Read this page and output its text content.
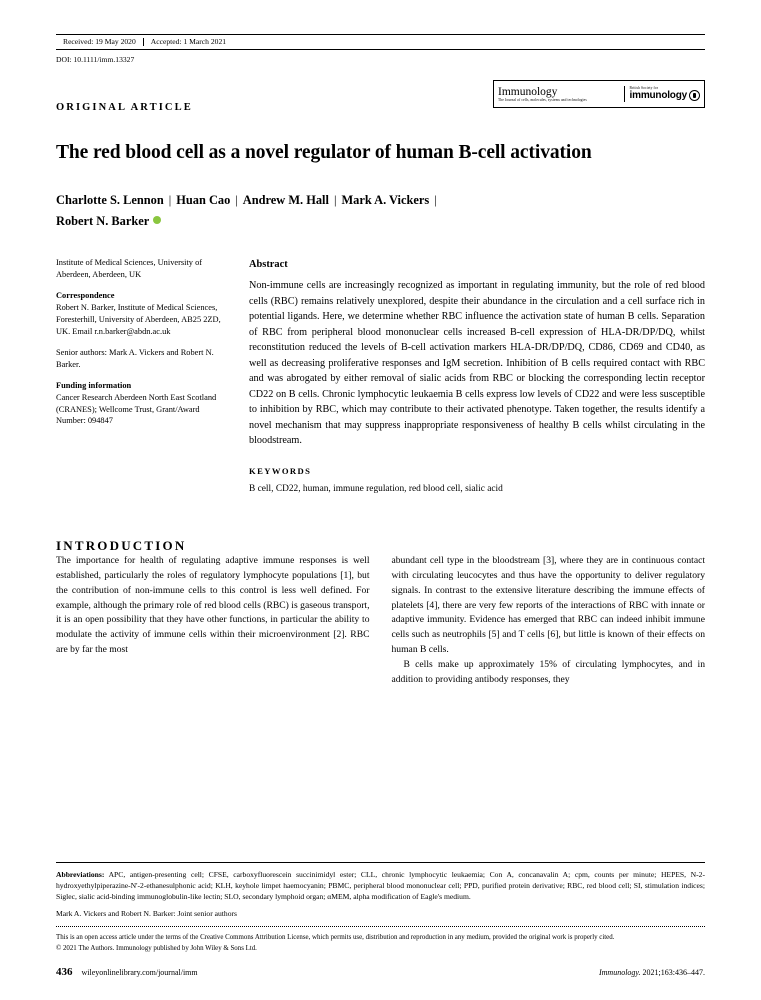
Received: 19 May 2020	Accepted: 1 March 2021
DOI: 10.1111/imm.13327
ORIGINAL ARTICLE
Immunology
The Journal of cells, molecules, systems and technologies
British Society for
immunology
The red blood cell as a novel regulator of human B-cell activation
Charlotte S. Lennon | Huan Cao | Andrew M. Hall | Mark A. Vickers |
Robert N. Barker

Institute of Medical Sciences, University of Aberdeen, Aberdeen, UK

Correspondence
Robert N. Barker, Institute of Medical Sciences, Foresterhill, University of Aberdeen, AB25 2ZD, UK. Email r.n.barker@abdn.ac.uk

Senior authors: Mark A. Vickers and Robert N. Barker.

Funding information
Cancer Research Aberdeen North East Scotland (CRANES); Wellcome Trust, Grant/Award Number: 094847

Abstract
Non-immune cells are increasingly recognized as important in regulating immunity, but the role of red blood cells (RBC) remains relatively unexplored, despite their abundance in the circulation and a cell surface rich in potential ligands. Here, we determine whether RBC influence the activation state of human B cells. Separation of RBC from peripheral blood mononuclear cells increased B-cell expression of HLA-DR/DP/DQ, whilst reconstitution reduced the levels of B-cell activation markers HLA-DR/DP/DQ, CD86, CD69 and CD40, as well as decreasing proliferative responses and IgM secretion. Inhibition of B cells required contact with RBC and was abrogated by either removal of sialic acids from RBC or blocking the corresponding lectin receptor CD22 on B cells. Chronic lymphocytic leukaemia B cells express low levels of CD22 and were less susceptible to inhibition by RBC, which may contribute to their activated phenotype. Taken together, the results identify a novel mechanism that may suppress inappropriate responsiveness of healthy B cells whilst circulating in the bloodstream.
KEYWORDS
B cell, CD22, human, immune regulation, red blood cell, sialic acid
INTRODUCTION

The importance for health of regulating adaptive immune responses is well established, particularly the roles of regulatory lymphocyte populations [1], but the contribution of non-immune cells to this control is less well defined. For example, although the primary role of red blood cells (RBC) is gaseous transport, it is an open possibility that they have other functions, in particular the ability to modulate the activity of immune cells within their microenvironment [2]. RBC are by far the most

abundant cell type in the bloodstream [3], where they are in continuous contact with circulating leucocytes and thus have the opportunity to deliver regulatory signals. In contrast to the extensive literature describing the immune effects of platelets [4], there are very few reports of the interactions of RBC with innate or adaptive immunity. Evidence has emerged that RBC can indeed inhibit immune cells such as neutrophils [5] and T cells [6], but little is known of their effects on human B cells.

B cells make up approximately 15% of circulating lymphocytes, and in addition to providing antibody responses, they

Abbreviations: APC, antigen-presenting cell; CFSE, carboxyfluorescein succinimidyl ester; CLL, chronic lymphocytic leukaemia; Con A, concanavalin A; cpm, counts per minute; HEPES, N-2-hydroxyethylpiperazine-N'-2-ethanesulphonic acid; KLH, keyhole limpet haemocyanin; PBMC, peripheral blood mononuclear cell; PPD, purified protein derivative; RBC, red blood cell; SI, stimulation indices; Siglec, sialic acid-binding immunoglobulin-like lectin; SLO, secondary lymphoid organ; αMEM, alpha modification of Eagle's medium.
Mark A. Vickers and Robert N. Barker: Joint senior authors
This is an open access article under the terms of the Creative Commons Attribution License, which permits use, distribution and reproduction in any medium, provided the original work is properly cited.
© 2021 The Authors. Immunology published by John Wiley & Sons Ltd.
436 wileyonlinelibrary.com/journal/imm	Immunology. 2021;163:436–447.
